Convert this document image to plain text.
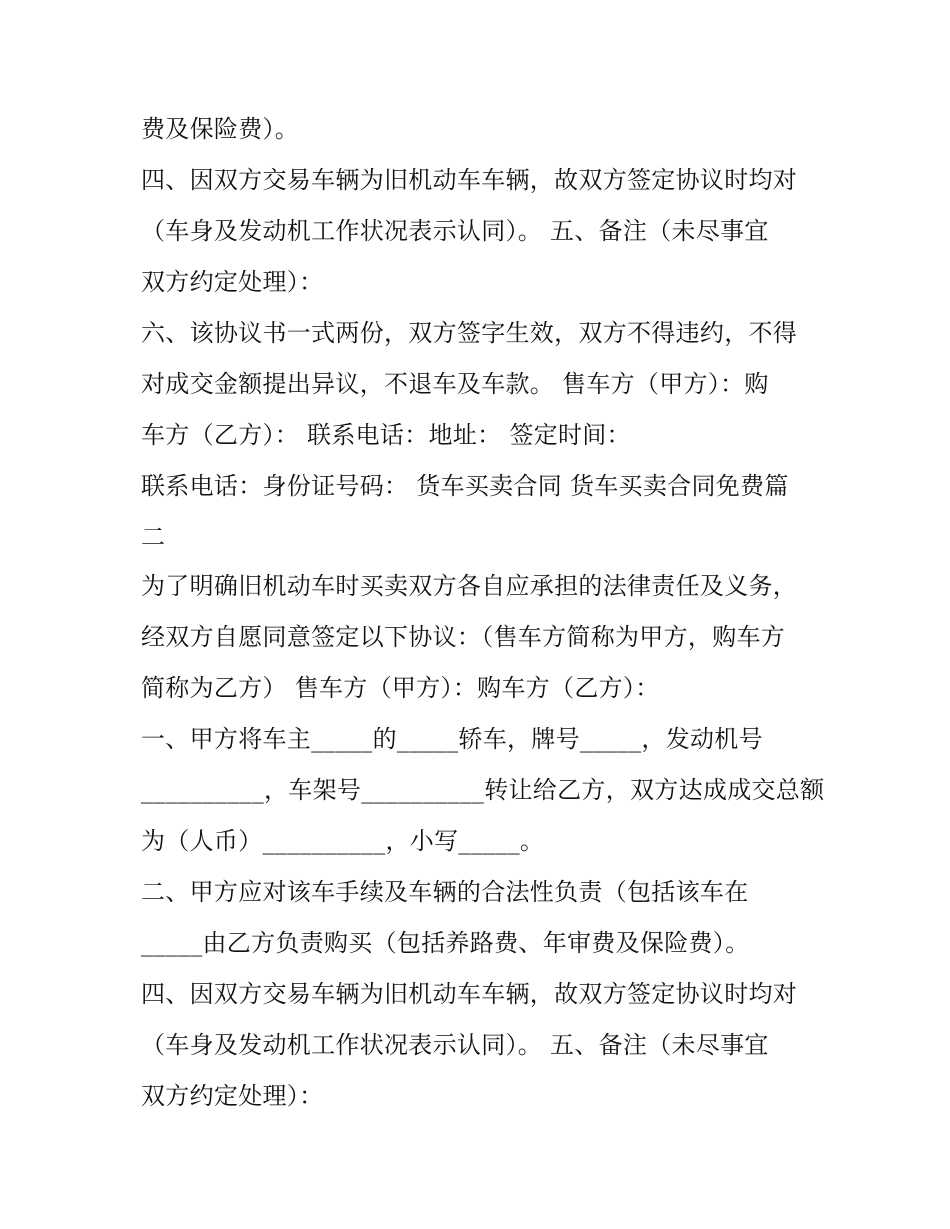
费及保险费）。
四、因双方交易车辆为旧机动车车辆，故双方签定协议时均对
（车身及发动机工作状况表示认同）。 五、备注（未尽事宜
双方约定处理）：
六、该协议书一式两份，双方签字生效，双方不得违约，不得
对成交金额提出异议，不退车及车款。 售车方（甲方）：购
车方（乙方）： 联系电话：地址： 签定时间：
联系电话：身份证号码： 货车买卖合同 货车买卖合同免费篇
二
为了明确旧机动车时买卖双方各自应承担的法律责任及义务，
经双方自愿同意签定以下协议：（售车方简称为甲方，购车方
简称为乙方） 售车方（甲方）：购车方（乙方）：
一、甲方将车主_____的_____轿车，牌号_____，发动机号
__________，车架号__________转让给乙方，双方达成成交总额
为（人币）__________，小写_____。
二、甲方应对该车手续及车辆的合法性负责（包括该车在
_____由乙方负责购买（包括养路费、年审费及保险费）。
四、因双方交易车辆为旧机动车车辆，故双方签定协议时均对
（车身及发动机工作状况表示认同）。 五、备注（未尽事宜
双方约定处理）：
